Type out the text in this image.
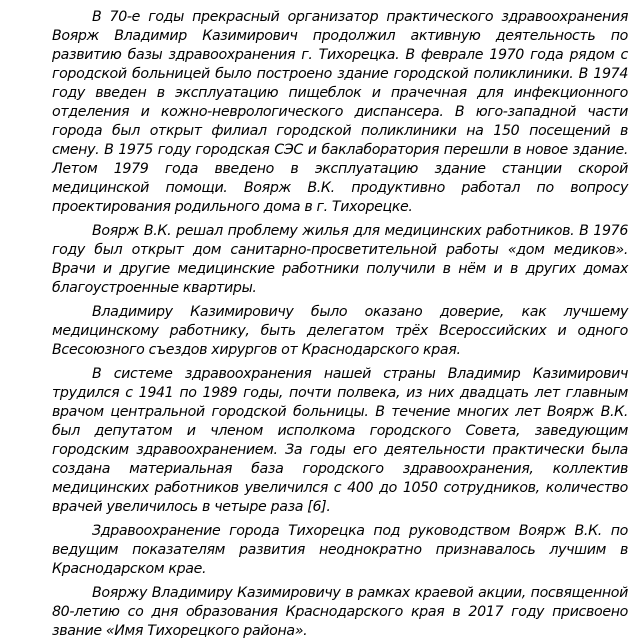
В 70-е годы прекрасный организатор практического здравоохранения Воярж Владимир Казимирович продолжил активную деятельность по развитию базы здравоохранения г. Тихорецка. В феврале 1970 года рядом с городской больницей было построено здание городской поликлиники. В 1974 году введен в эксплуатацию пищеблок и прачечная для инфекционного отделения и кожно-неврологического диспансера. В юго-западной части города был открыт филиал городской поликлиники на 150 посещений в смену. В 1975 году городская СЭС и баклаборатория перешли в новое здание. Летом 1979 года введено в эксплуатацию здание станции скорой медицинской помощи. Воярж В.К. продуктивно работал по вопросу проектирования родильного дома в г. Тихорецке.

Воярж В.К. решал проблему жилья для медицинских работников. В 1976 году был открыт дом санитарно-просветительной работы «дом медиков». Врачи и другие медицинские работники получили в нём и в других домах благоустроенные квартиры.

Владимиру Казимировичу было оказано доверие, как лучшему медицинскому работнику, быть делегатом трёх Всероссийских и одного Всесоюзного съездов хирургов от Краснодарского края.

В системе здравоохранения нашей страны Владимир Казимирович трудился с 1941 по 1989 годы, почти полвека, из них двадцать лет главным врачом центральной городской больницы. В течение многих лет Воярж В.К. был депутатом и членом исполкома городского Совета, заведующим городским здравоохранением. За годы его деятельности практически была создана материальная база городского здравоохранения, коллектив медицинских работников увеличился с 400 до 1050 сотрудников, количество врачей увеличилось в четыре раза [6].

Здравоохранение города Тихорецка под руководством Воярж В.К. по ведущим показателям развития неоднократно признавалось лучшим в Краснодарском крае.

Вояржу Владимиру Казимировичу в рамках краевой акции, посвященной 80-летию со дня образования Краснодарского края в 2017 году присвоено звание «Имя Тихорецкого района».
